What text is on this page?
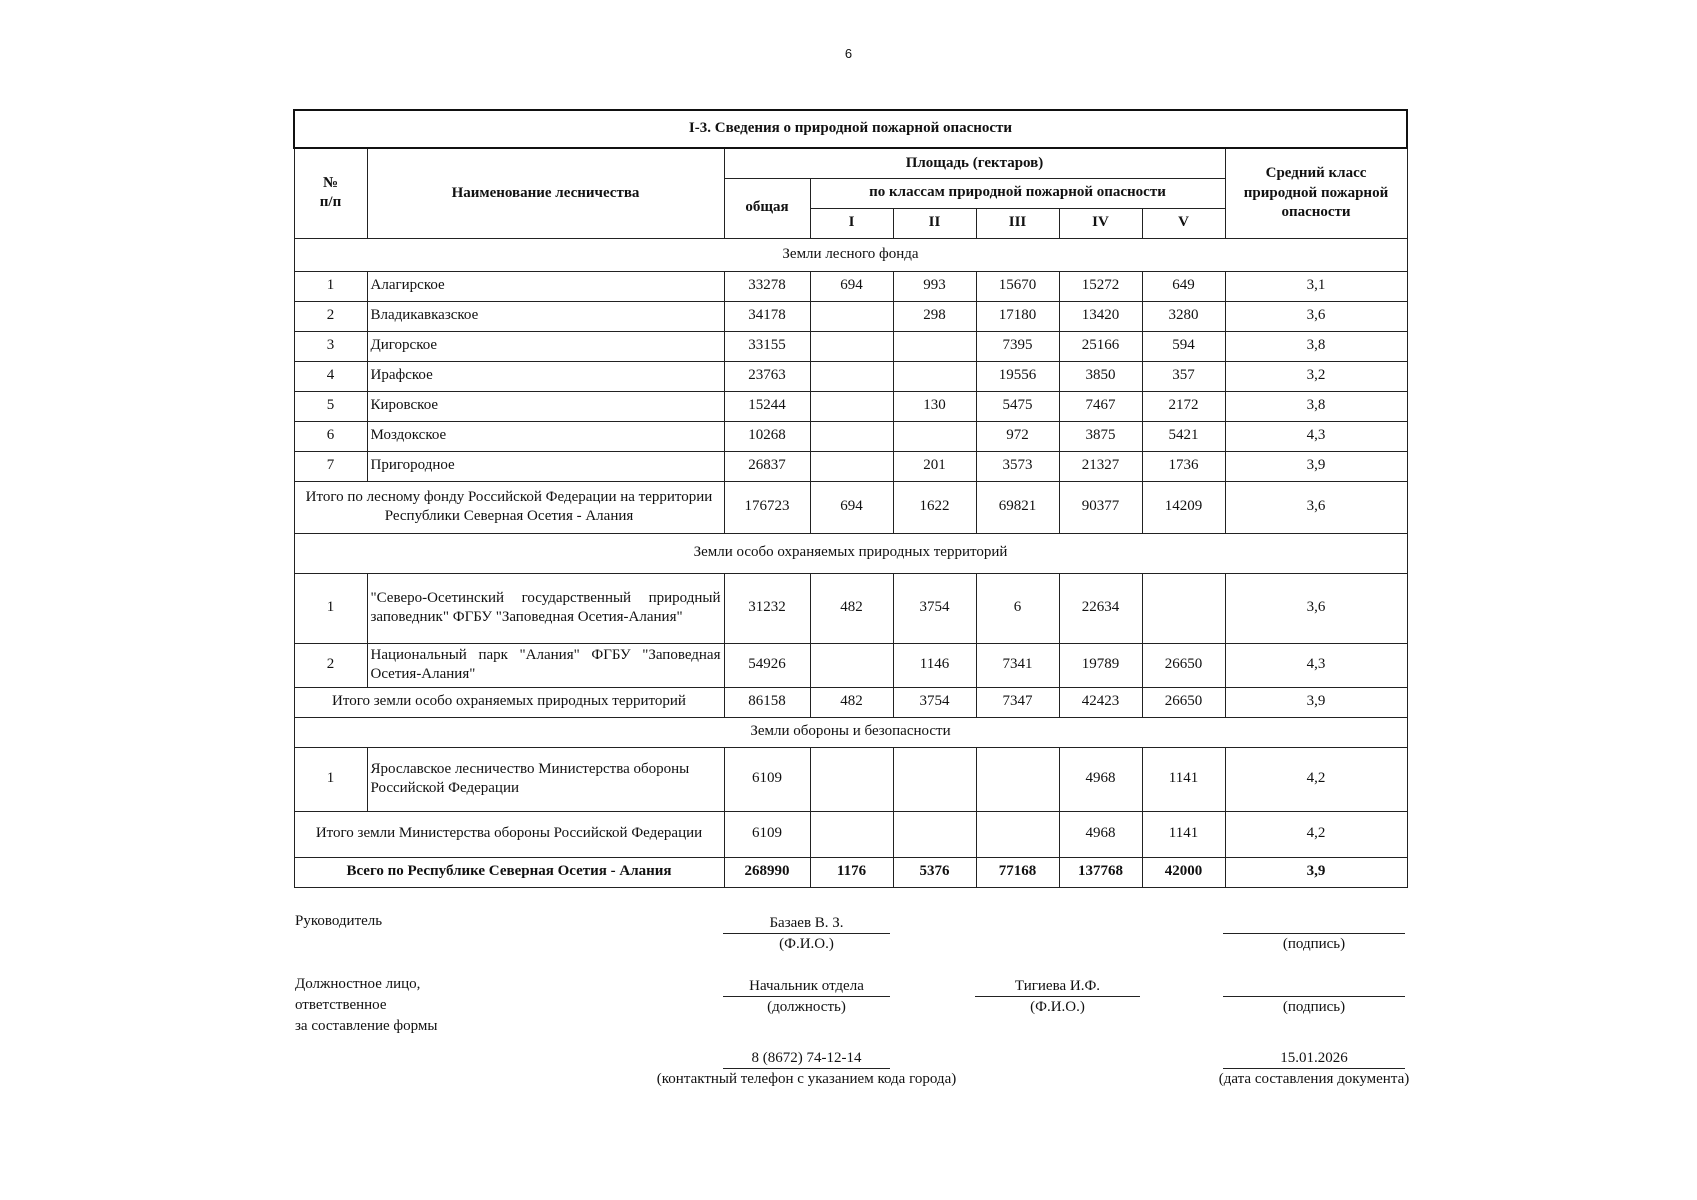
6
I-3. Сведения о природной пожарной опасности								
№
п/п	Наименование лесничества	Площадь (гектаров)						Средний класс природной пожарной опасности
		общая	по классам природной пожарной опасности					
			I	II	III	IV	V	
Земли лесного фонда								
1	Алагирское	33278	694	993	15670	15272	649	3,1
2	Владикавказское	34178		298	17180	13420	3280	3,6
3	Дигорское	33155			7395	25166	594	3,8
4	Ирафское	23763			19556	3850	357	3,2
5	Кировское	15244		130	5475	7467	2172	3,8
6	Моздокское	10268			972	3875	5421	4,3
7	Пригородное	26837		201	3573	21327	1736	3,9
Итого по лесному фонду Российской Федерации на территории Республики Северная Осетия - Алания		176723	694	1622	69821	90377	14209	3,6
Земли особо охраняемых природных территорий								
1	"Северо-Осетинский государственный природный заповедник" ФГБУ "Заповедная Осетия-Алания"	31232	482	3754	6	22634		3,6
2	Национальный парк "Алания" ФГБУ "Заповедная Осетия-Алания"	54926		1146	7341	19789	26650	4,3
Итого земли особо охраняемых природных территорий		86158	482	3754	7347	42423	26650	3,9
Земли обороны и безопасности								
1	Ярославское лесничество Министерства обороны Российской Федерации	6109				4968	1141	4,2
Итого земли Министерства обороны Российской Федерации		6109				4968	1141	4,2
Всего по Республике Северная Осетия - Алания		268990	1176	5376	77168	137768	42000	3,9
Руководитель	Базаев В. З.
(Ф.И.О.)	(подпись)
Должностное лицо,
ответственное
за составление формы
Начальник отдела
(должность)
Тигиева И.Ф.
(Ф.И.О.)	(подпись)
8 (8672) 74-12-14
(контактный телефон с указанием кода города)
15.01.2026
(дата составления документа)
